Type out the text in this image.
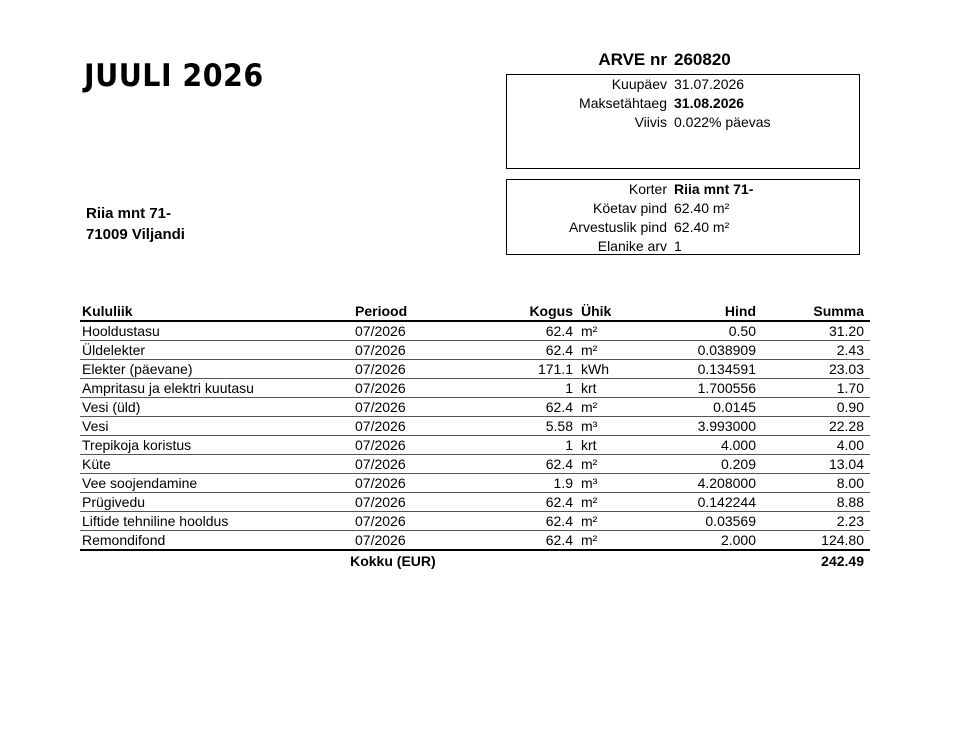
JUULI 2026	ARVE nr 260820
Kuupäev 31.07.2026
Maksetähtaeg 31.08.2026
Viivis 0.022% päevas
Korter Riia mnt 71-
Köetav pind 62.40 m²
Arvestuslik pind 62.40 m²
Elanike arv 1
Riia mnt 71-
71009 Viljandi
Kululiik	Periood	Kogus Ühik	Hind	Summa
Hooldustasu	07/2026	62.4 m²	0.50	31.20
Üldelekter	07/2026	62.4 m²	0.038909	2.43
Elekter (päevane)	07/2026	171.1 kWh	0.134591	23.03
Ampritasu ja elektri kuutasu	07/2026	1 krt	1.700556	1.70
Vesi (üld)	07/2026	62.4 m²	0.0145	0.90
Vesi	07/2026	5.58 m³	3.993000	22.28
Trepikoja koristus	07/2026	1 krt	4.000	4.00
Küte	07/2026	62.4 m²	0.209	13.04
Vee soojendamine	07/2026	1.9 m³	4.208000	8.00
Prügivedu	07/2026	62.4 m²	0.142244	8.88
Liftide tehniline hooldus	07/2026	62.4 m²	0.03569	2.23
Remondifond	07/2026	62.4 m²	2.000	124.80
Kokku (EUR)	242.49
